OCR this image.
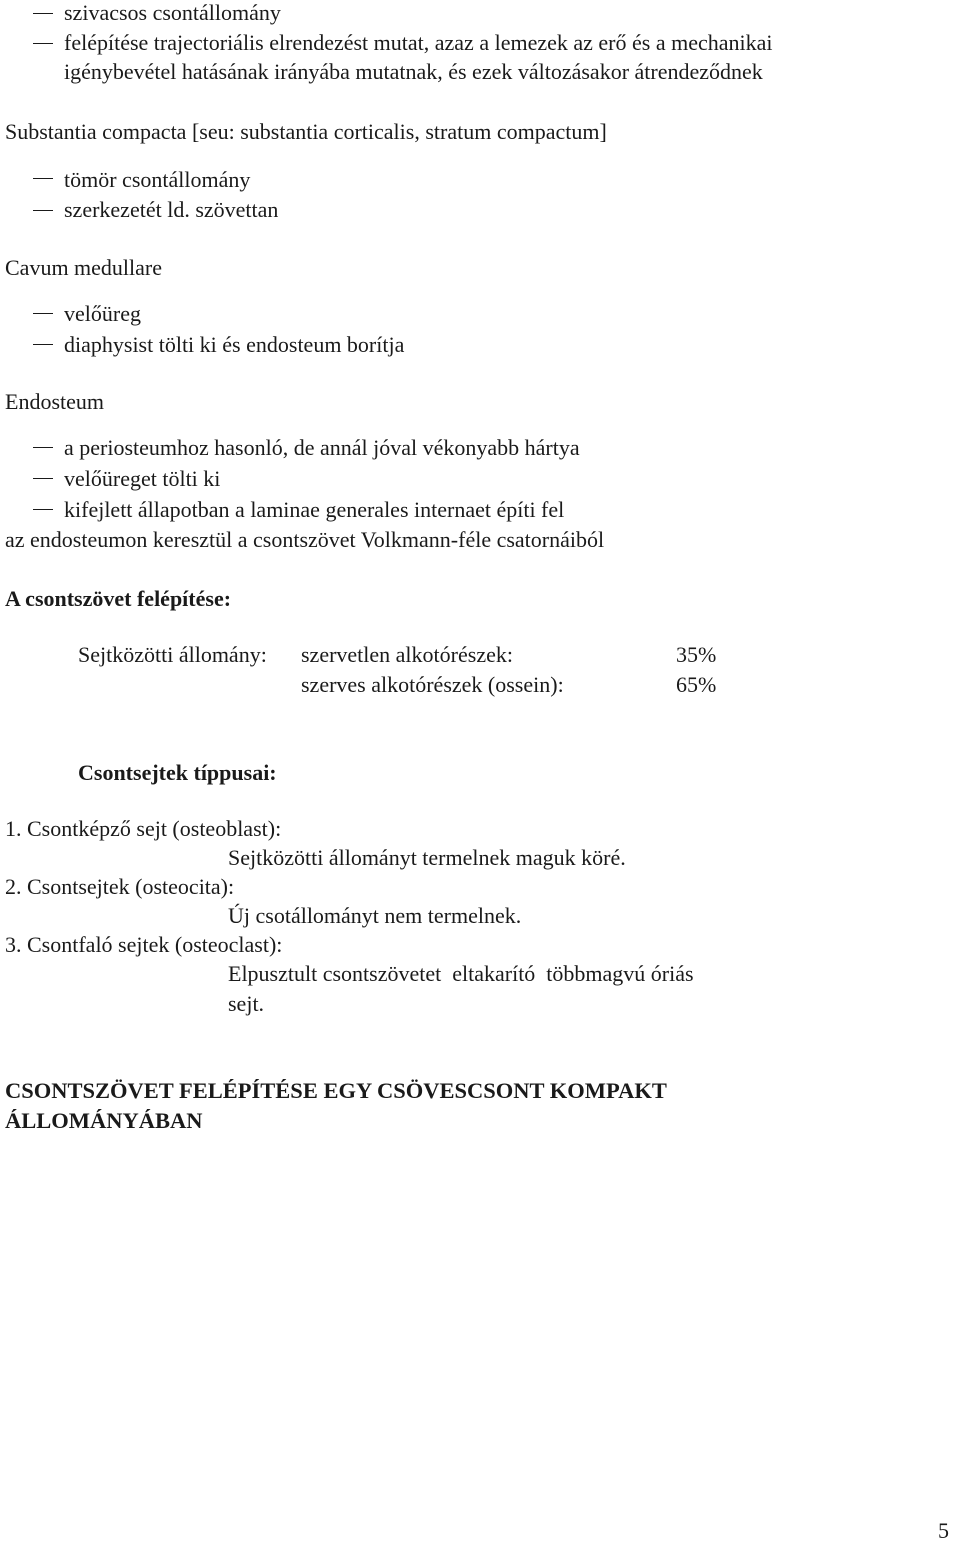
szivacsos csontállomány
felépítése trajectoriális elrendezést mutat, azaz a lemezek az erő és a mechanikai
igénybevétel hatásának irányába mutatnak, és ezek változásakor átrendeződnek
Substantia compacta [seu: substantia corticalis, stratum compactum]
tömör csontállomány
szerkezetét ld. szövettan
Cavum medullare
velőüreg
diaphysist tölti ki és endosteum borítja
Endosteum
a periosteumhoz hasonló, de annál jóval vékonyabb hártya
velőüreget tölti ki
kifejlett állapotban a laminae generales internaet építi fel
az endosteumon keresztül a csontszövet Volkmann-féle csatornáiból
A csontszövet felépítése:
Sejtközötti állomány: szervetlen alkotórészek:	35%
szerves alkotórészek (ossein):	65%
Csontsejtek típpusai:
1. Csontképző sejt (osteoblast):
Sejtközötti állományt termelnek maguk köré.
2. Csontsejtek (osteocita):
Új csotállományt nem termelnek.
3. Csontfaló sejtek (osteoclast):
Elpusztult csontszövetet  eltakarító  többmagvú óriás
sejt.
CSONTSZÖVET FELÉPÍTÉSE EGY CSÖVESCSONT KOMPAKT
ÁLLOMÁNYÁBAN
5
